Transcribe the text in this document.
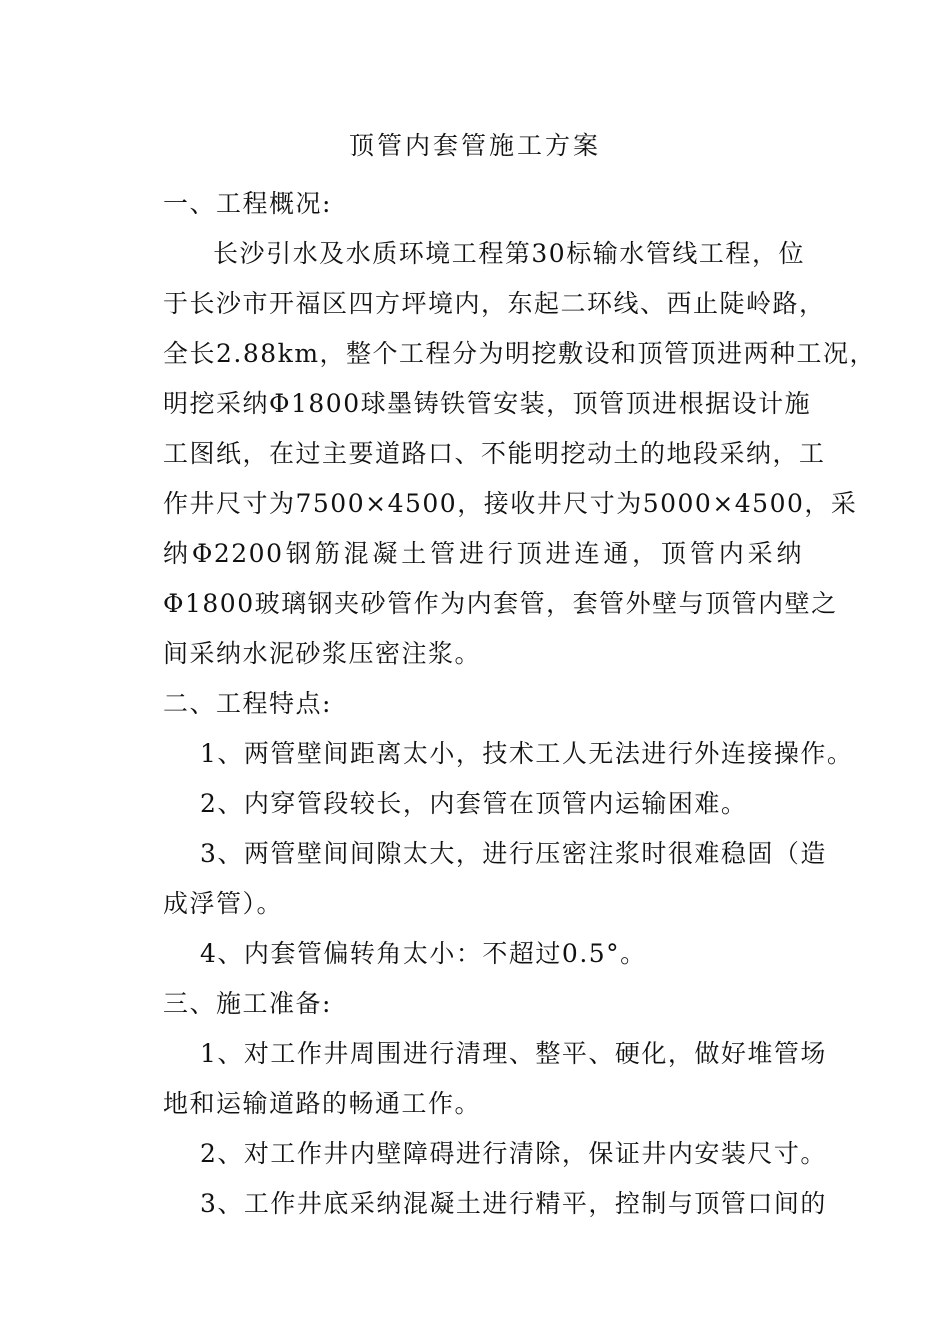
顶管内套管施工方案
一、工程概况:
长沙引水及水质环境工程第30标输水管线工程，位
于长沙市开福区四方坪境内，东起二环线、西止陡岭路，
全长2.88km，整个工程分为明挖敷设和顶管顶进两种工况，
明挖采纳Φ1800球墨铸铁管安装，顶管顶进根据设计施
工图纸，在过主要道路口、不能明挖动土的地段采纳，工
作井尺寸为7500×4500，接收井尺寸为5000×4500，采
纳Φ2200钢筋混凝土管进行顶进连通，顶管内采纳
Φ1800玻璃钢夹砂管作为内套管，套管外壁与顶管内壁之
间采纳水泥砂浆压密注浆。
二、工程特点:
1、两管壁间距离太小，技术工人无法进行外连接操作。
2、内穿管段较长，内套管在顶管内运输困难。
3、两管壁间间隙太大，进行压密注浆时很难稳固（造
成浮管）。
4、内套管偏转角太小：不超过0.5°。
三、施工准备:
1、对工作井周围进行清理、整平、硬化，做好堆管场
地和运输道路的畅通工作。
2、对工作井内壁障碍进行清除，保证井内安装尺寸。
3、工作井底采纳混凝土进行精平，控制与顶管口间的
